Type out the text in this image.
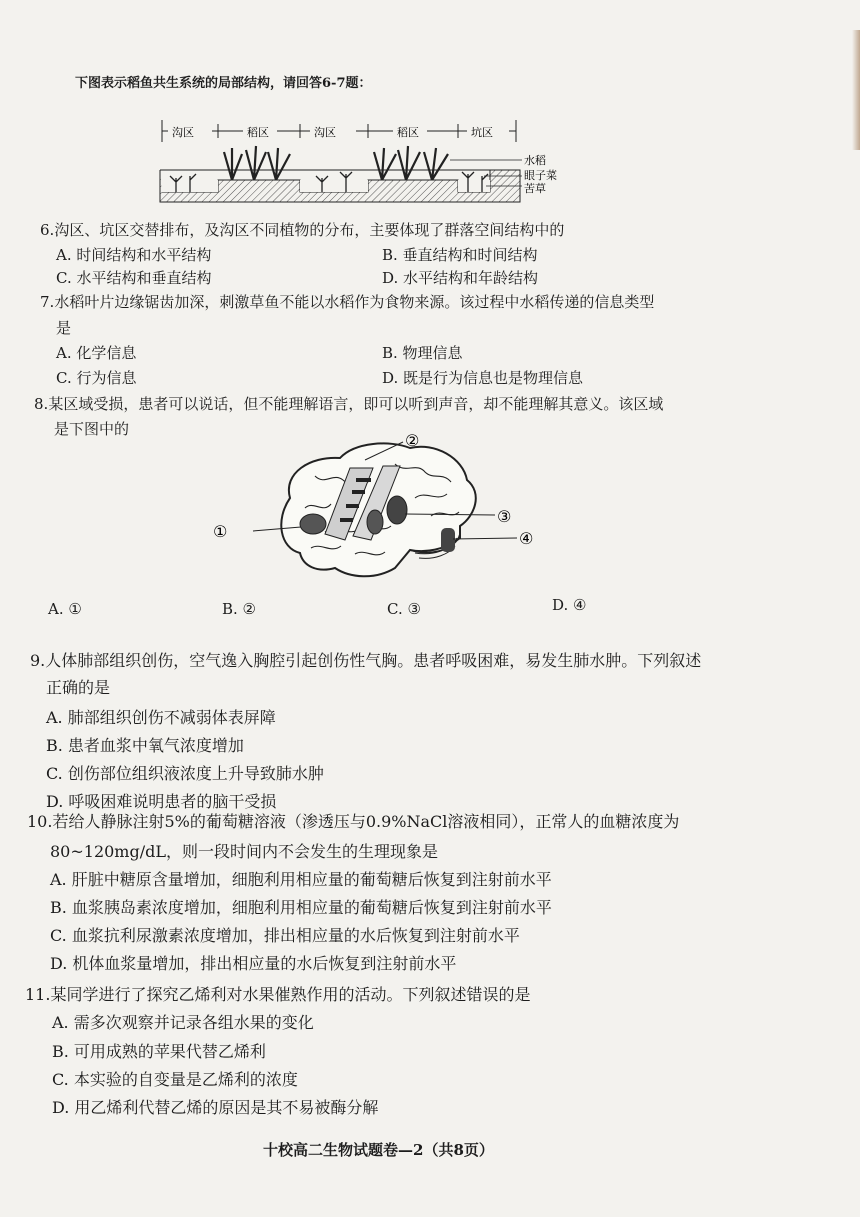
下图表示稻鱼共生系统的局部结构，请回答6-7题：
沟区	稻区	沟区	稻区	坑区
水稻
眼子菜
苦草
6.沟区、坑区交替排布，及沟区不同植物的分布，主要体现了群落空间结构中的
A. 时间结构和水平结构	B. 垂直结构和时间结构
C. 水平结构和垂直结构	D. 水平结构和年龄结构
7.水稻叶片边缘锯齿加深，刺激草鱼不能以水稻作为食物来源。该过程中水稻传递的信息类型
是
A. 化学信息	B. 物理信息
C. 行为信息	D. 既是行为信息也是物理信息
8.某区域受损，患者可以说话，但不能理解语言，即可以听到声音，却不能理解其意义。该区域
是下图中的
①
②
③
④
A. ①	B. ②	C. ③	D. ④
9.人体肺部组织创伤，空气逸入胸腔引起创伤性气胸。患者呼吸困难，易发生肺水肿。下列叙述
正确的是
A. 肺部组织创伤不减弱体表屏障
B. 患者血浆中氧气浓度增加
C. 创伤部位组织液浓度上升导致肺水肿
D. 呼吸困难说明患者的脑干受损
10.若给人静脉注射5%的葡萄糖溶液（渗透压与0.9%NaCl溶液相同），正常人的血糖浓度为
80~120mg/dL，则一段时间内不会发生的生理现象是
A. 肝脏中糖原含量增加，细胞利用相应量的葡萄糖后恢复到注射前水平
B. 血浆胰岛素浓度增加，细胞利用相应量的葡萄糖后恢复到注射前水平
C. 血浆抗利尿激素浓度增加，排出相应量的水后恢复到注射前水平
D. 机体血浆量增加，排出相应量的水后恢复到注射前水平
11.某同学进行了探究乙烯利对水果催熟作用的活动。下列叙述错误的是
A. 需多次观察并记录各组水果的变化
B. 可用成熟的苹果代替乙烯利
C. 本实验的自变量是乙烯利的浓度
D. 用乙烯利代替乙烯的原因是其不易被酶分解
十校高二生物试题卷—2（共8页）
